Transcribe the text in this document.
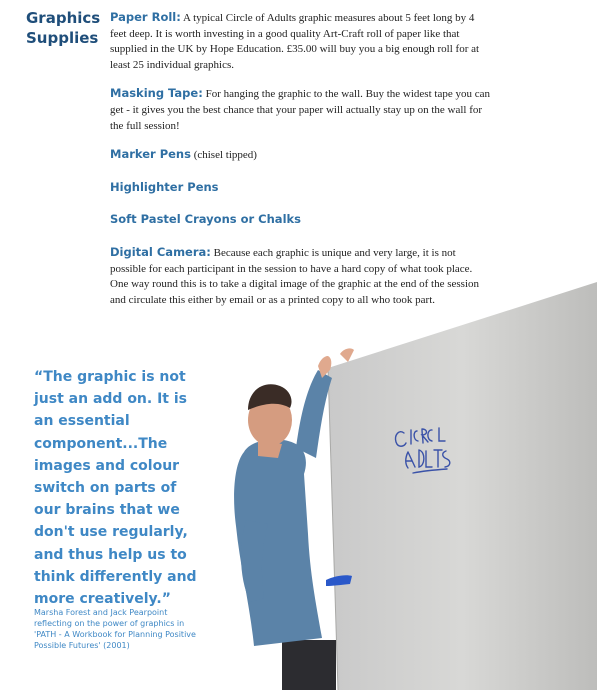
Graphics
Supplies

Paper Roll: A typical Circle of Adults graphic measures about 5 feet long by 4 feet deep. It is worth investing in a good quality Art-Craft roll of paper like that supplied in the UK by Hope Education. £35.00 will buy you a big enough roll for at least 25 individual graphics.

Masking Tape: For hanging the graphic to the wall. Buy the widest tape you can get - it gives you the best chance that your paper will actually stay up on the wall for the full session!

Marker Pens (chisel tipped)

Highlighter Pens

Soft Pastel Crayons or Chalks

Digital Camera: Because each graphic is unique and very large, it is not possible for each participant in the session to have a hard copy of what took place. One way round this is to take a digital image of the graphic at the end of the session and circulate this either by email or as a printed copy to all who took part.

“The graphic is not just an add on. It is an essential component...The images and colour switch on parts of our brains that we don't use regularly, and thus help us to think differently and more creatively.”

Marsha Forest and Jack Pearpoint reflecting on the power of graphics in 'PATH - A Workbook for Planning Positive Possible Futures' (2001)
